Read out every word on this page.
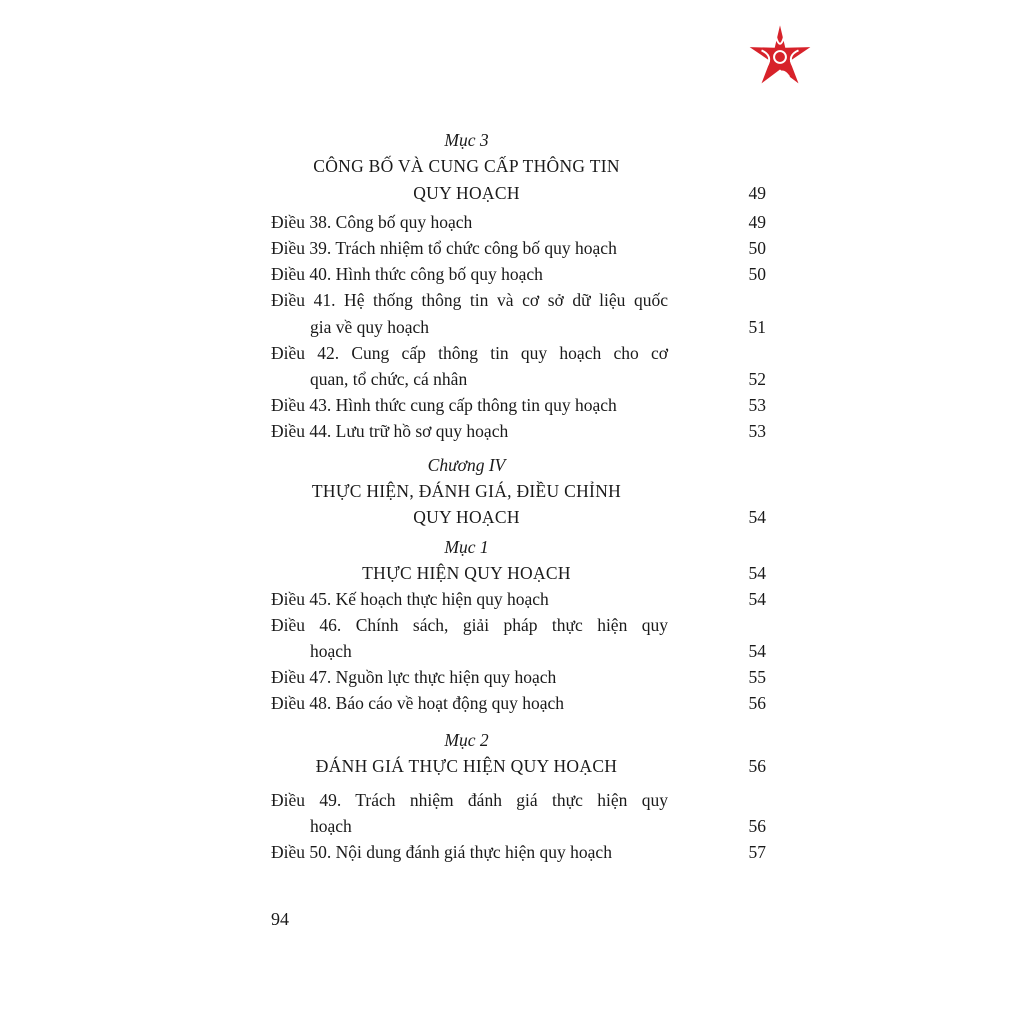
Mục 3
CÔNG BỐ VÀ CUNG CẤP THÔNG TIN
QUY HOẠCH	49
Điều 38. Công bố quy hoạch	49
Điều 39. Trách nhiệm tổ chức công bố quy hoạch	50
Điều 40. Hình thức công bố quy hoạch	50
Điều 41. Hệ thống thông tin và cơ sở dữ liệu quốc
gia về quy hoạch	51
Điều 42. Cung cấp thông tin quy hoạch cho cơ
quan, tổ chức, cá nhân	52
Điều 43. Hình thức cung cấp thông tin quy hoạch	53
Điều 44. Lưu trữ hồ sơ quy hoạch	53
Chương IV
THỰC HIỆN, ĐÁNH GIÁ, ĐIỀU CHỈNH
QUY HOẠCH	54
Mục 1
THỰC HIỆN QUY HOẠCH	54
Điều 45. Kế hoạch thực hiện quy hoạch	54
Điều 46. Chính sách, giải pháp thực hiện quy
hoạch	54
Điều 47. Nguồn lực thực hiện quy hoạch	55
Điều 48. Báo cáo về hoạt động quy hoạch	56
Mục 2
ĐÁNH GIÁ THỰC HIỆN QUY HOẠCH	56
Điều 49. Trách nhiệm đánh giá thực hiện quy
hoạch	56
Điều 50. Nội dung đánh giá thực hiện quy hoạch	57
94
